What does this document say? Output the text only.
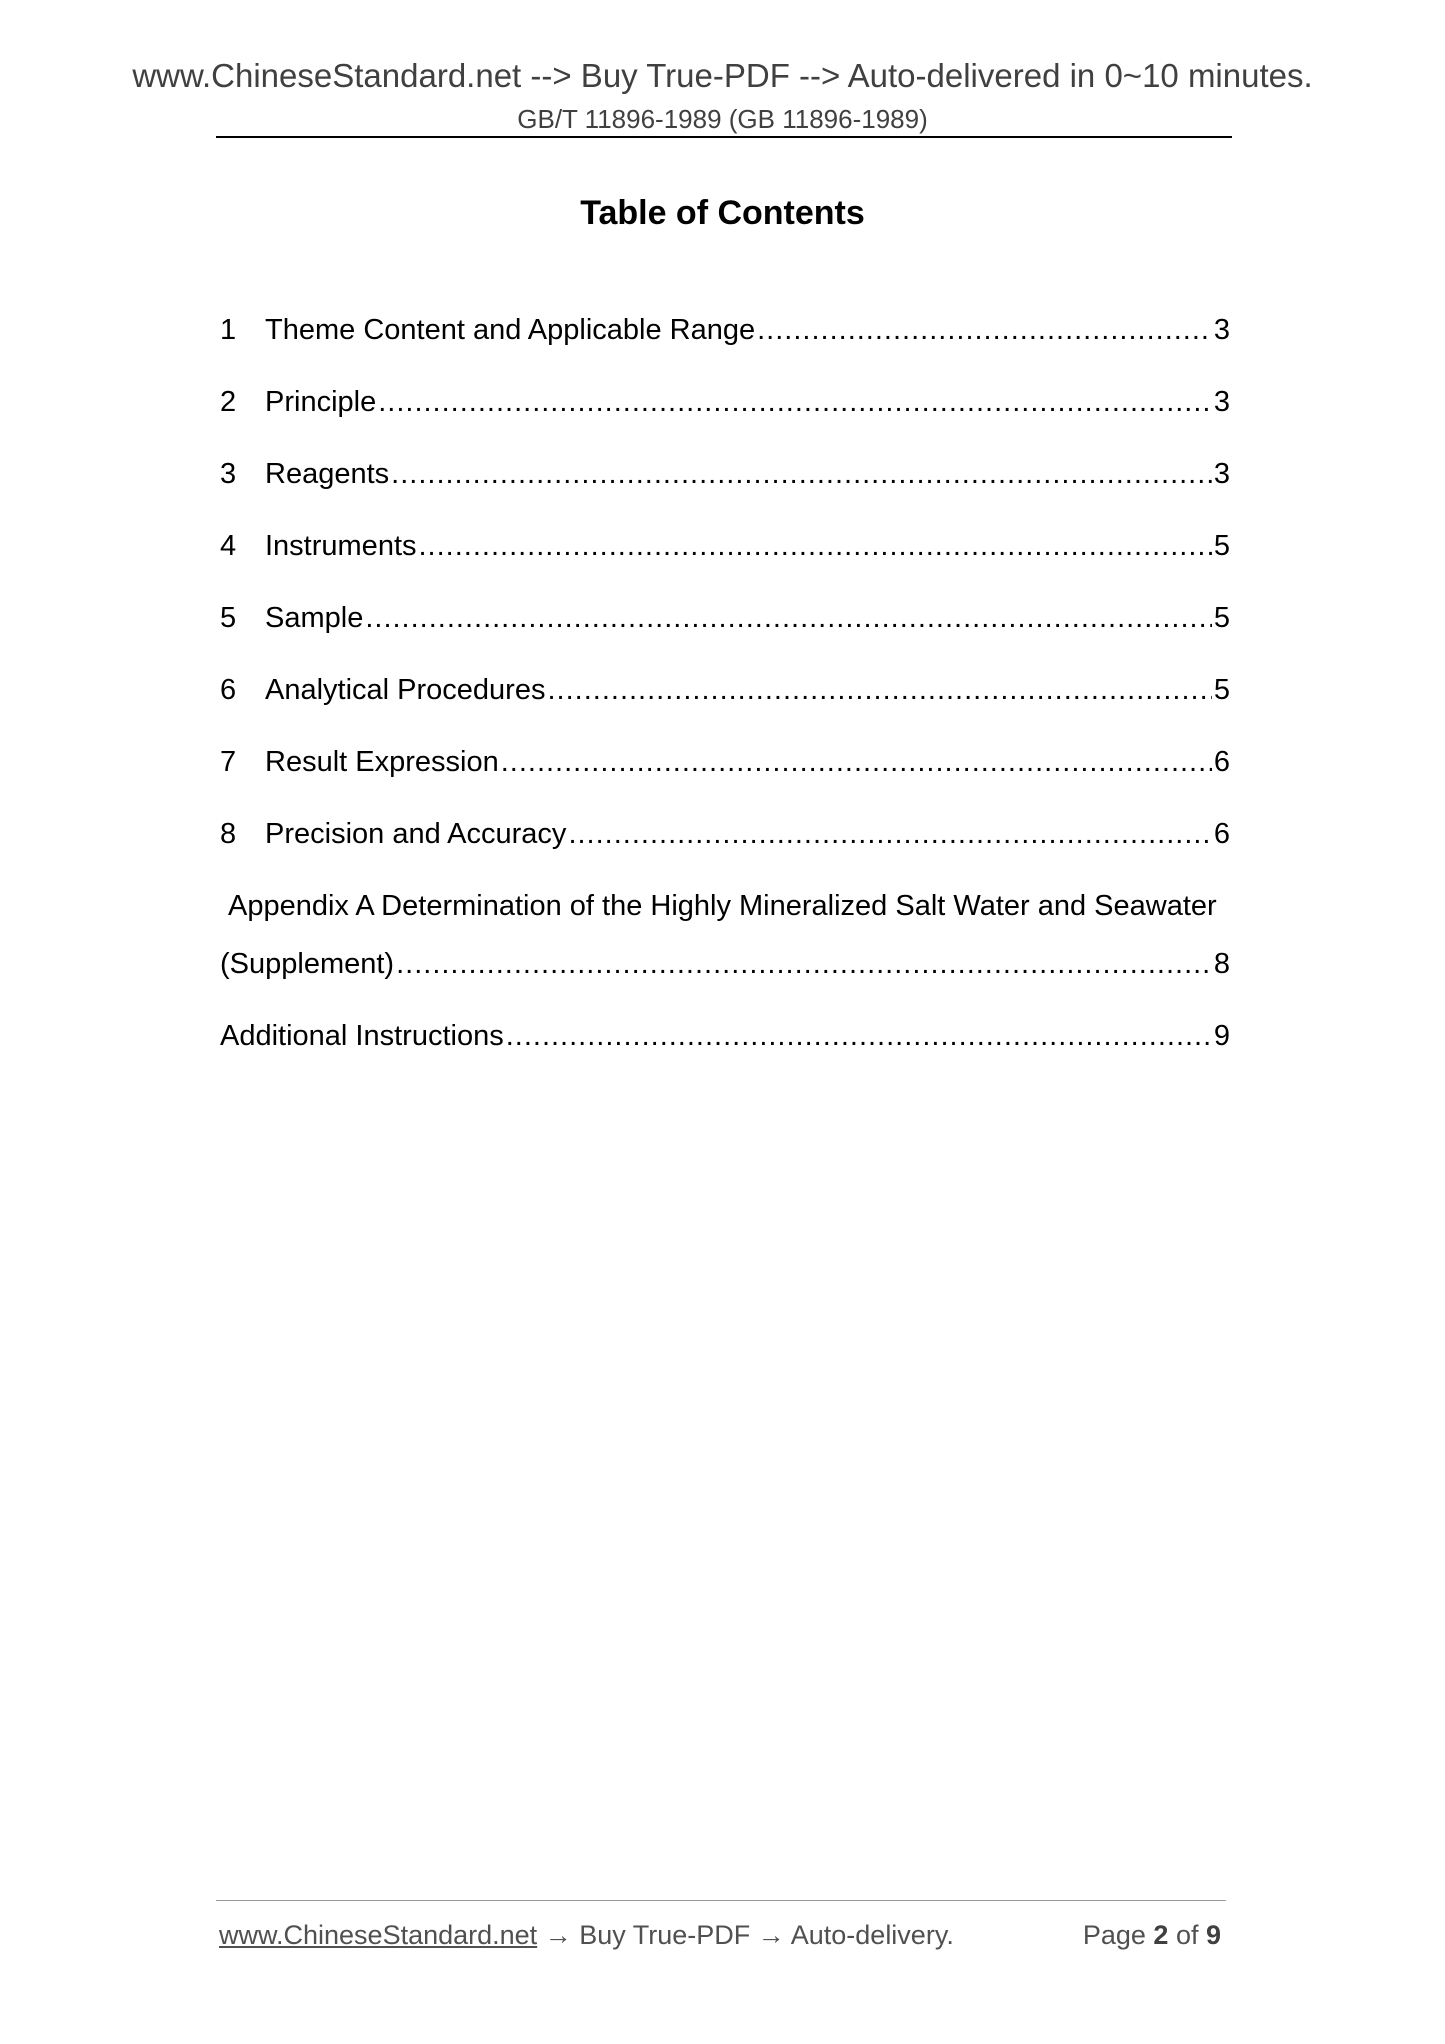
www.ChineseStandard.net --> Buy True-PDF --> Auto-delivered in 0~10 minutes.
GB/T 11896-1989 (GB 11896-1989)
Table of Contents
1 Theme Content and Applicable Range .....	3
2 Principle .....	3
3 Reagents .....	3
4 Instruments .....	5
5 Sample .....	5
6 Analytical Procedures .....	5
7 Result Expression .....	6
8 Precision and Accuracy .....	6
Appendix A Determination of the Highly Mineralized Salt Water and Seawater
(Supplement) .....	8
Additional Instructions .....	9
www.ChineseStandard.net → Buy True-PDF → Auto-delivery.	Page 2 of 9
